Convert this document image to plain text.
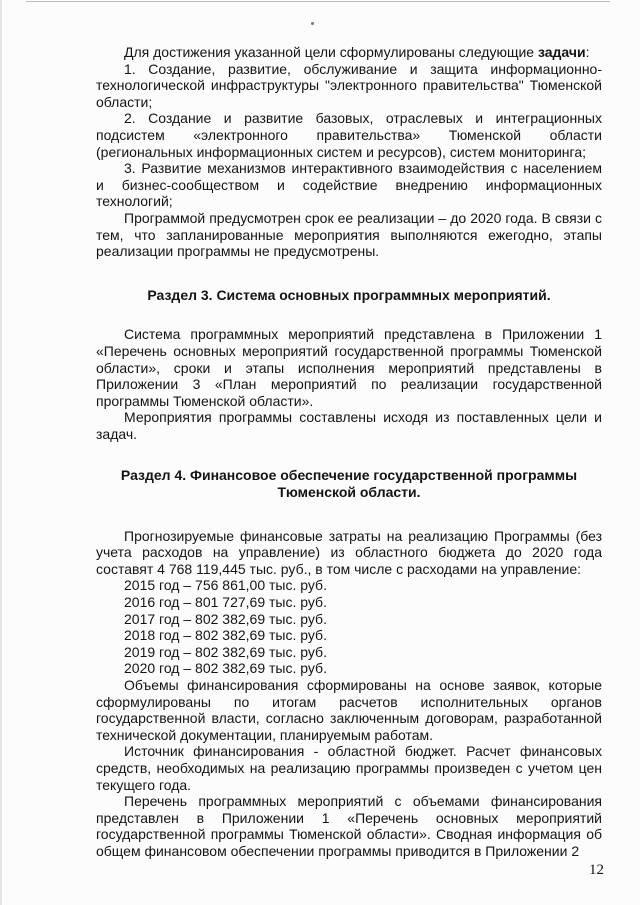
Для достижения указанной цели сформулированы следующие задачи:

1. Создание, развитие, обслуживание и защита информационно-технологической инфраструктуры "электронного правительства" Тюменской области;

2. Создание и развитие базовых, отраслевых и интеграционных подсистем «электронного правительства» Тюменской области (региональных информационных систем и ресурсов), систем мониторинга;

3. Развитие механизмов интерактивного взаимодействия с населением и бизнес-сообществом и содействие внедрению информационных технологий;

Программой предусмотрен срок ее реализации – до 2020 года. В связи с тем, что запланированные мероприятия выполняются ежегодно, этапы реализации программы не предусмотрены.

Раздел 3. Система основных программных мероприятий.

Система программных мероприятий представлена в Приложении 1 «Перечень основных мероприятий государственной программы Тюменской области», сроки и этапы исполнения мероприятий представлены в Приложении 3 «План мероприятий по реализации государственной программы Тюменской области».

Мероприятия программы составлены исходя из поставленных цели и задач.

Раздел 4. Финансовое обеспечение государственной программы
Тюменской области.

Прогнозируемые финансовые затраты на реализацию Программы (без учета расходов на управление) из областного бюджета до 2020 года составят 4 768 119,445 тыс. руб., в том числе с расходами на управление:

2015 год – 756 861,00 тыс. руб.
2016 год – 801 727,69 тыс. руб.
2017 год – 802 382,69 тыс. руб.
2018 год – 802 382,69 тыс. руб.
2019 год – 802 382,69 тыс. руб.
2020 год – 802 382,69 тыс. руб.

Объемы финансирования сформированы на основе заявок, которые сформулированы по итогам расчетов исполнительных органов государственной власти, согласно заключенным договорам, разработанной технической документации, планируемым работам.

Источник финансирования - областной бюджет. Расчет финансовых средств, необходимых на реализацию программы произведен с учетом цен текущего года.

Перечень программных мероприятий с объемами финансирования представлен в Приложении 1 «Перечень основных мероприятий государственной программы Тюменской области». Сводная информация об общем финансовом обеспечении программы приводится в Приложении 2

12
